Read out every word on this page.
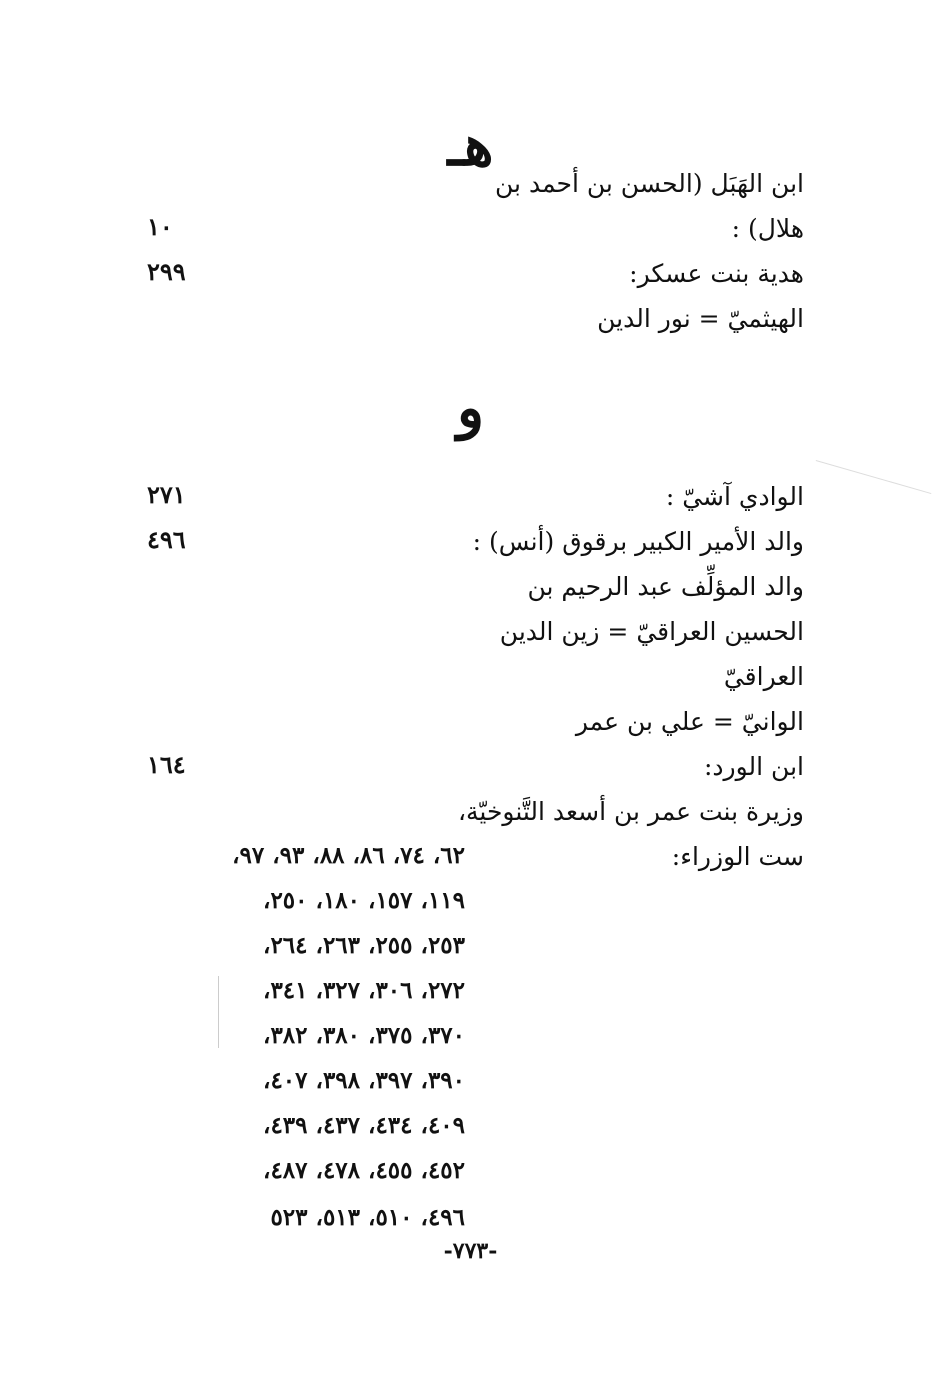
هـ
ابن الهَبَل (الحسن بن أحمد بن
هلال) :
١٠
هدية بنت عسكر:
٢٩٩
الهيثميّ = نور الدين
و
الوادي آشيّ :
٢٧١
والد الأمير الكبير برقوق (أنس) :
٤٩٦
والد المؤلِّف عبد الرحيم بن
الحسين العراقيّ = زين الدين
العراقيّ
الوانيّ = علي بن عمر
ابن الورد:
١٦٤
وزيرة بنت عمر بن أسعد التَّنوخيّة،
ست الوزراء:
٦٢، ٧٤، ٨٦، ٨٨، ٩٣، ٩٧،
١١٩، ١٥٧، ١٨٠، ٢٥٠،
٢٥٣، ٢٥٥، ٢٦٣، ٢٦٤،
٢٧٢، ٣٠٦، ٣٢٧، ٣٤١،
٣٧٠، ٣٧٥، ٣٨٠، ٣٨٢،
٣٩٠، ٣٩٧، ٣٩٨، ٤٠٧،
٤٠٩، ٤٣٤، ٤٣٧، ٤٣٩،
٤٥٢، ٤٥٥، ٤٧٨، ٤٨٧،
٤٩٦، ٥١٠، ٥١٣، ٥٢٣
-٧٧٣-
